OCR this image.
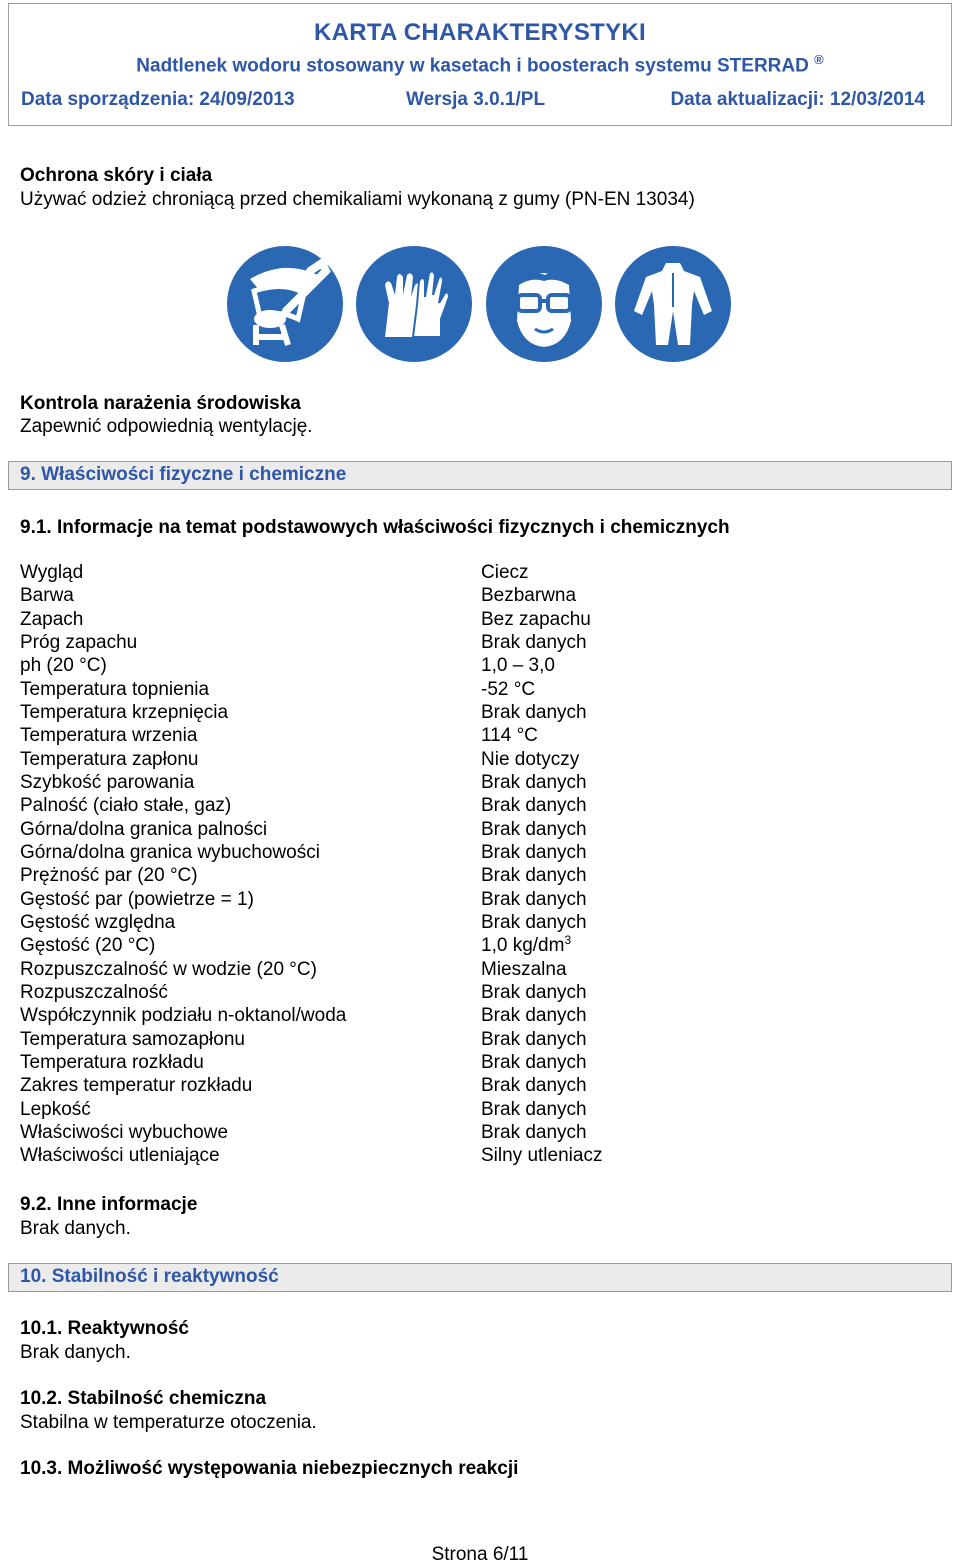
KARTA CHARAKTERYSTYKI
Nadtlenek wodoru stosowany w kasetach i boosterach systemu STERRAD ®
Data sporządzenia: 24/09/2013	Wersja 3.0.1/PL	Data aktualizacji: 12/03/2014
Ochrona skóry i ciała
Używać odzież chroniącą przed chemikaliami wykonaną z gumy (PN-EN 13034)
Kontrola narażenia środowiska
Zapewnić odpowiednią wentylację.
9. Właściwości fizyczne i chemiczne
9.1. Informacje na temat podstawowych właściwości fizycznych i chemicznych
Wygląd	Ciecz
Barwa	Bezbarwna
Zapach	Bez zapachu
Próg zapachu	Brak danych
ph (20 °C)	1,0 – 3,0
Temperatura topnienia	-52 °C
Temperatura krzepnięcia	Brak danych
Temperatura wrzenia	114 °C
Temperatura zapłonu	Nie dotyczy
Szybkość parowania	Brak danych
Palność (ciało stałe, gaz)	Brak danych
Górna/dolna granica palności	Brak danych
Górna/dolna granica wybuchowości	Brak danych
Prężność par (20 °C)	Brak danych
Gęstość par (powietrze = 1)	Brak danych
Gęstość względna	Brak danych
Gęstość (20 °C)	1,0 $kg/dm^3$
Rozpuszczalność w wodzie (20 °C)	Mieszalna
Rozpuszczalność	Brak danych
Współczynnik podziału n-oktanol/woda	Brak danych
Temperatura samozapłonu	Brak danych
Temperatura rozkładu	Brak danych
Zakres temperatur rozkładu	Brak danych
Lepkość	Brak danych
Właściwości wybuchowe	Brak danych
Właściwości utleniające	Silny utleniacz
9.2. Inne informacje
Brak danych.
10. Stabilność i reaktywność
10.1. Reaktywność
Brak danych.
10.2. Stabilność chemiczna
Stabilna w temperaturze otoczenia.
10.3. Możliwość występowania niebezpiecznych reakcji
Strona 6/11
